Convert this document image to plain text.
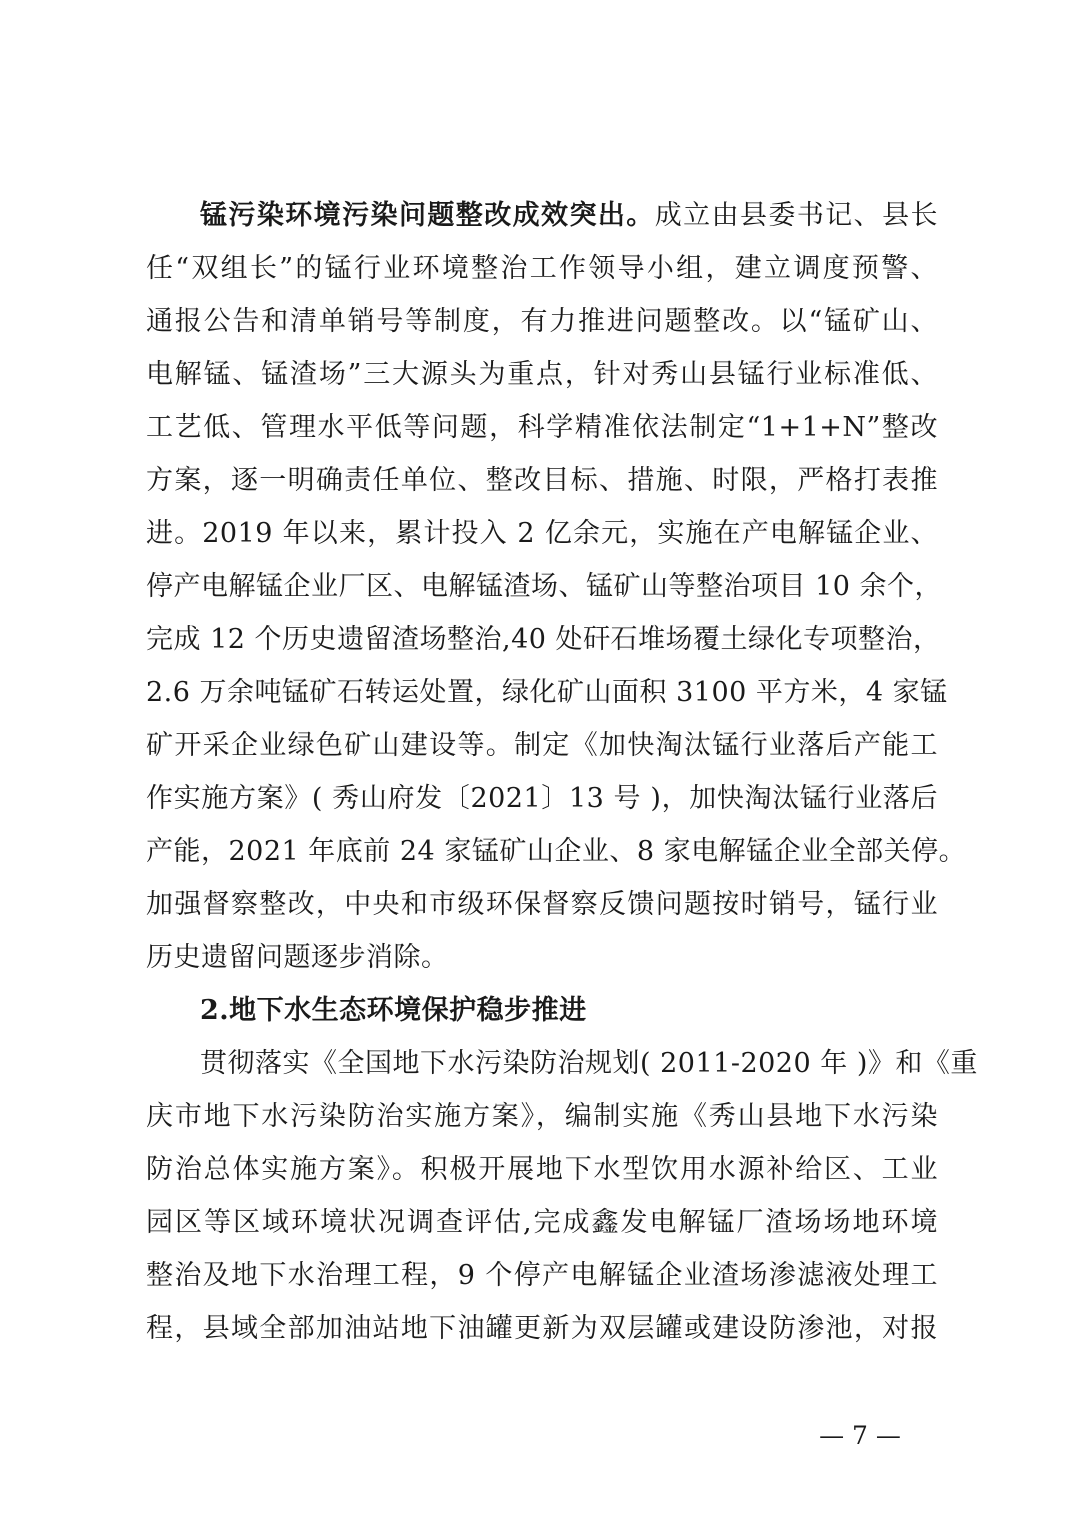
锰污染环境污染问题整改成效突出。成立由县委书记、县长
任“双组长”的锰行业环境整治工作领导小组，建立调度预警、
通报公告和清单销号等制度，有力推进问题整改。以“锰矿山、
电解锰、锰渣场”三大源头为重点，针对秀山县锰行业标准低、
工艺低、管理水平低等问题，科学精准依法制定“1+1+N”整改
方案，逐一明确责任单位、整改目标、措施、时限，严格打表推
进。2019 年以来，累计投入 2 亿余元，实施在产电解锰企业、
停产电解锰企业厂区、电解锰渣场、锰矿山等整治项目 10 余个，
完成 12 个历史遗留渣场整治,40 处矸石堆场覆土绿化专项整治，
2.6 万余吨锰矿石转运处置，绿化矿山面积 3100 平方米，4 家锰
矿开采企业绿色矿山建设等。制定《加快淘汰锰行业落后产能工
作实施方案》( 秀山府发〔2021〕13 号 )，加快淘汰锰行业落后
产能，2021 年底前 24 家锰矿山企业、8 家电解锰企业全部关停。
加强督察整改，中央和市级环保督察反馈问题按时销号，锰行业
历史遗留问题逐步消除。
2.地下水生态环境保护稳步推进
贯彻落实《全国地下水污染防治规划( 2011-2020 年 )》和《重
庆市地下水污染防治实施方案》，编制实施《秀山县地下水污染
防治总体实施方案》。积极开展地下水型饮用水源补给区、工业
园区等区域环境状况调查评估,完成鑫发电解锰厂渣场场地环境
整治及地下水治理工程，9 个停产电解锰企业渣场渗滤液处理工
程，县域全部加油站地下油罐更新为双层罐或建设防渗池，对报
— 7 —
